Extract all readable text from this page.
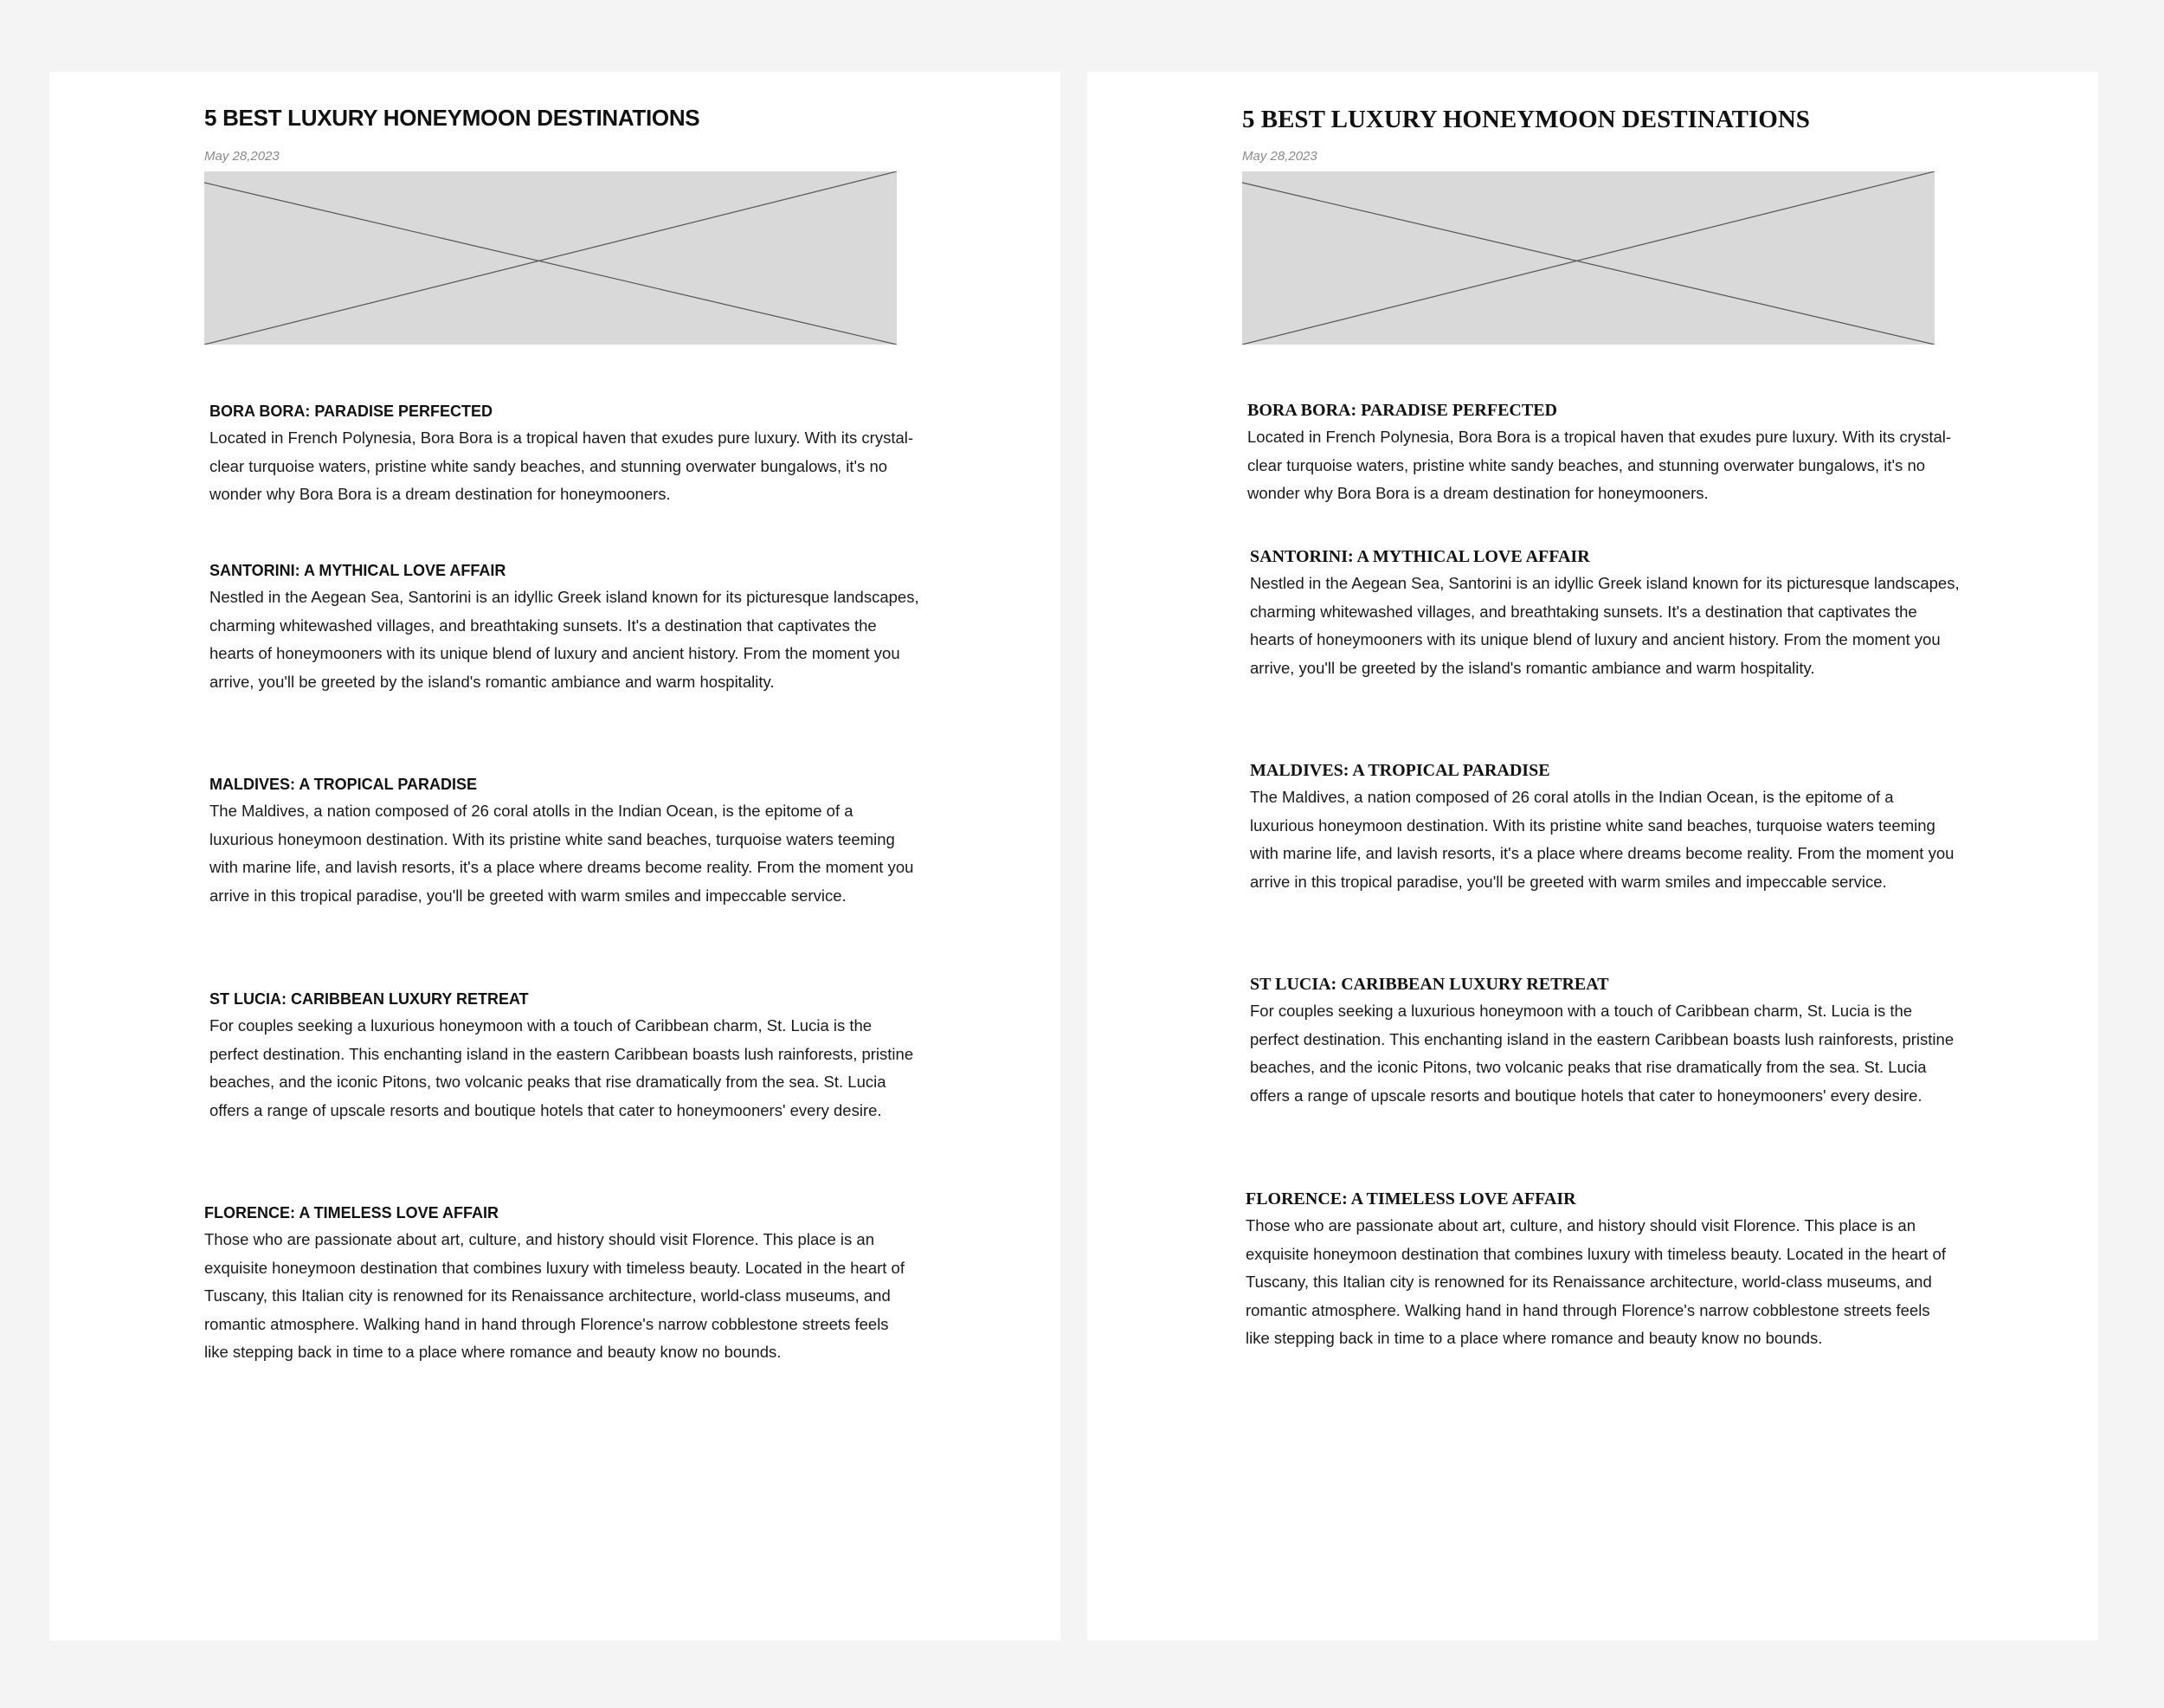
5 BEST LUXURY HONEYMOON DESTINATIONS
May 28,2023
BORA BORA: PARADISE PERFECTED

Located in French Polynesia, Bora Bora is a tropical haven that exudes pure luxury. With its crystal-clear turquoise waters, pristine white sandy beaches, and stunning overwater bungalows, it's no wonder why Bora Bora is a dream destination for honeymooners.

SANTORINI: A MYTHICAL LOVE AFFAIR

Nestled in the Aegean Sea, Santorini is an idyllic Greek island known for its picturesque landscapes, charming whitewashed villages, and breathtaking sunsets. It's a destination that captivates the hearts of honeymooners with its unique blend of luxury and ancient history. From the moment you arrive, you'll be greeted by the island's romantic ambiance and warm hospitality.

MALDIVES: A TROPICAL PARADISE

The Maldives, a nation composed of 26 coral atolls in the Indian Ocean, is the epitome of a luxurious honeymoon destination. With its pristine white sand beaches, turquoise waters teeming with marine life, and lavish resorts, it's a place where dreams become reality. From the moment you arrive in this tropical paradise, you'll be greeted with warm smiles and impeccable service.

ST LUCIA: CARIBBEAN LUXURY RETREAT

For couples seeking a luxurious honeymoon with a touch of Caribbean charm, St. Lucia is the perfect destination. This enchanting island in the eastern Caribbean boasts lush rainforests, pristine beaches, and the iconic Pitons, two volcanic peaks that rise dramatically from the sea. St. Lucia offers a range of upscale resorts and boutique hotels that cater to honeymooners' every desire.

FLORENCE: A TIMELESS LOVE AFFAIR

Those who are passionate about art, culture, and history should visit Florence. This place is an exquisite honeymoon destination that combines luxury with timeless beauty. Located in the heart of Tuscany, this Italian city is renowned for its Renaissance architecture, world-class museums, and romantic atmosphere. Walking hand in hand through Florence's narrow cobblestone streets feels like stepping back in time to a place where romance and beauty know no bounds.

5 BEST LUXURY HONEYMOON DESTINATIONS
May 28,2023
BORA BORA: PARADISE PERFECTED

Located in French Polynesia, Bora Bora is a tropical haven that exudes pure luxury. With its crystal-clear turquoise waters, pristine white sandy beaches, and stunning overwater bungalows, it's no wonder why Bora Bora is a dream destination for honeymooners.

SANTORINI: A MYTHICAL LOVE AFFAIR

Nestled in the Aegean Sea, Santorini is an idyllic Greek island known for its picturesque landscapes, charming whitewashed villages, and breathtaking sunsets. It's a destination that captivates the hearts of honeymooners with its unique blend of luxury and ancient history. From the moment you arrive, you'll be greeted by the island's romantic ambiance and warm hospitality.

MALDIVES: A TROPICAL PARADISE

The Maldives, a nation composed of 26 coral atolls in the Indian Ocean, is the epitome of a luxurious honeymoon destination. With its pristine white sand beaches, turquoise waters teeming with marine life, and lavish resorts, it's a place where dreams become reality. From the moment you arrive in this tropical paradise, you'll be greeted with warm smiles and impeccable service.

ST LUCIA: CARIBBEAN LUXURY RETREAT

For couples seeking a luxurious honeymoon with a touch of Caribbean charm, St. Lucia is the perfect destination. This enchanting island in the eastern Caribbean boasts lush rainforests, pristine beaches, and the iconic Pitons, two volcanic peaks that rise dramatically from the sea. St. Lucia offers a range of upscale resorts and boutique hotels that cater to honeymooners' every desire.

FLORENCE: A TIMELESS LOVE AFFAIR

Those who are passionate about art, culture, and history should visit Florence. This place is an exquisite honeymoon destination that combines luxury with timeless beauty. Located in the heart of Tuscany, this Italian city is renowned for its Renaissance architecture, world-class museums, and romantic atmosphere. Walking hand in hand through Florence's narrow cobblestone streets feels like stepping back in time to a place where romance and beauty know no bounds.
